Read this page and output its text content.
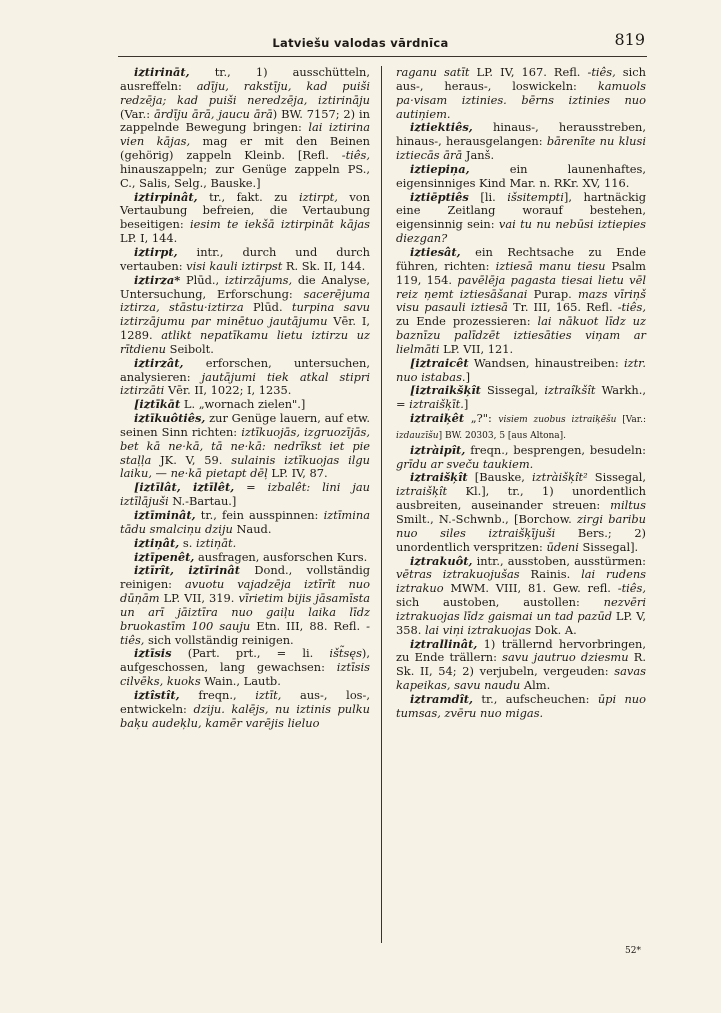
Latviešu valodas vārdnīca	819

iztirināt, tr., 1) ausschütteln, ausreffeln: adīju, rakstīju, kad puiši redzēja; kad puiši neredzēja, iztirināju (Var.: ārdīju ārā, jaucu ārā) BW. 7157; 2) in zappelnde Bewegung bringen: lai iztirina vien kājas, mag er mit den Beinen (gehörig) zappeln Kleinb. [Refl. -tiês, hinauszappeln; zur Genüge zappeln PS., C., Salis, Selg., Bauske.]

iztirpinât, tr., fakt. zu iztirpt, von Vertaubung befreien, die Vertaubung beseitigen: iesim te iekšā iztirpināt kājas LP. I, 144.

iztirpt, intr., durch und durch vertauben: visi kauli iztirpst R. Sk. II, 144.

iztirza* Plūd., iztirzājums, die Analyse, Untersuchung, Erforschung: sacerējuma iztirza, stāstu·iztirza Plūd. turpina savu iztirzājumu par minētuo jautājumu Vēr. I, 1289. atlikt nepatīkamu lietu iztirzu uz rītdienu Seibolt.

iztirzât, erforschen, untersuchen, analysieren: jautājumi tiek atkal stipri iztirzāti Vēr. II, 1022; I, 1235.

[iztīkāt L. „wornach zielen".]

iztīkuôtiês, zur Genüge lauern, auf etw. seinen Sinn richten: iztīkuojās, izgruozījās, bet kā ne·kā, tā ne·kā: nedrīkst iet pie staļļa JK. V, 59. sulainis iztīkuojas ilgu laiku, — ne·kā pietapt dēļ LP. IV, 87.

[iztīlât, iztīlêt, = izbalêt: lini jau iztīlājuši N.-Bartau.]

iztīminât, tr., fein ausspinnen: iztīmina tādu smalciņu dziju Naud.

iztiņât, s. iztiņāt.

iztīpenêt, ausfragen, ausforschen Kurs.

iztīrît, iztīrinât Dond., vollständig reinigen: avuotu vajadzēja iztīrīt nuo dūņām LP. VII, 319. vīrietim bijis jāsamīsta un arī jāiztīra nuo gaiļu laika līdz bruokastīm 100 sauju Etn. III, 88. Refl. -tiês, sich vollständig reinigen.

iztīsis (Part. prt., = li. išt̃sęs), aufgeschossen, lang gewachsen: iztīsis cilvēks, kuoks Wain., Lautb.

iztîstît, freqn., iztīt, aus-, los-, entwickeln: dziju. kalējs, nu iztinis pulku baķu audeķlu, kamēr varējis lieluo

raganu satīt LP. IV, 167. Refl. -tiês, sich aus-, heraus-, loswickeln: kamuols pa·visam iztinies. bērns iztinies nuo autiņiem.

iztiektiês, hinaus-, herausstreben, hinaus-, herausgelangen: bārenīte nu klusi iztiecās ārā Janš.

iztiepiņa, ein launenhaftes, eigensinniges Kind Mar. n. RKr. XV, 116.

iztiēptiês [li. išsitempti], hartnäckig eine Zeitlang worauf bestehen, eigensinnig sein: vai tu nu nebūsi iztiepies diezgan?

iztiesât, ein Rechtsache zu Ende führen, richten: iztiesā manu tiesu Psalm 119, 154. pavēlēja pagasta tiesai lietu vēl reiz ņemt iztiesāšanai Purap. mazs vīriņš visu pasauli iztiesā Tr. III, 165. Refl. -tiês, zu Ende prozessieren: lai nākuot līdz uz baznīzu palīdzēt iztiesāties viņam ar lielmāti LP. VII, 121.

[iztraicêt Wandsen, hinaustreiben: iztr. nuo istabas.]

[iztraikšķît Sissegal, iztraîkšît Warkh., = iztraišķīt.]

iztraiķêt „?": visiem zuobus iztraiķēšu [Var.: izdauzīšu] BW. 20303, 5 [aus Altona].

iztràipît, freqn., besprengen, besudeln: grīdu ar sveču taukiem.

iztraišķît [Bauske, iztràišķît² Sissegal, iztraišķît Kl.], tr., 1) unordentlich ausbreiten, auseinander streuen: miltus Smilt., N.-Schwnb., [Borchow. zirgi baribu nuo siles iztraišķījuši Bers.; 2) unordentlich verspritzen: ūdeni Sissegal].

iztrakuôt, intr., ausstoben, ausstürmen: vētras iztrakuojušas Rainis. lai rudens iztrakuo MWM. VIII, 81. Gew. refl. -tiês, sich austoben, austollen: nezvēri iztrakuojas līdz gaismai un tad pazūd LP. V, 358. lai viņi iztrakuojas Dok. A.

iztrallinât, 1) trällernd hervorbringen, zu Ende trällern: savu jautruo dziesmu R. Sk. II, 54; 2) verjubeln, vergeuden: savas kapeikas, savu naudu Alm.

iztramdît, tr., aufscheuchen: ūpi nuo tumsas, zvēru nuo migas.

52*
